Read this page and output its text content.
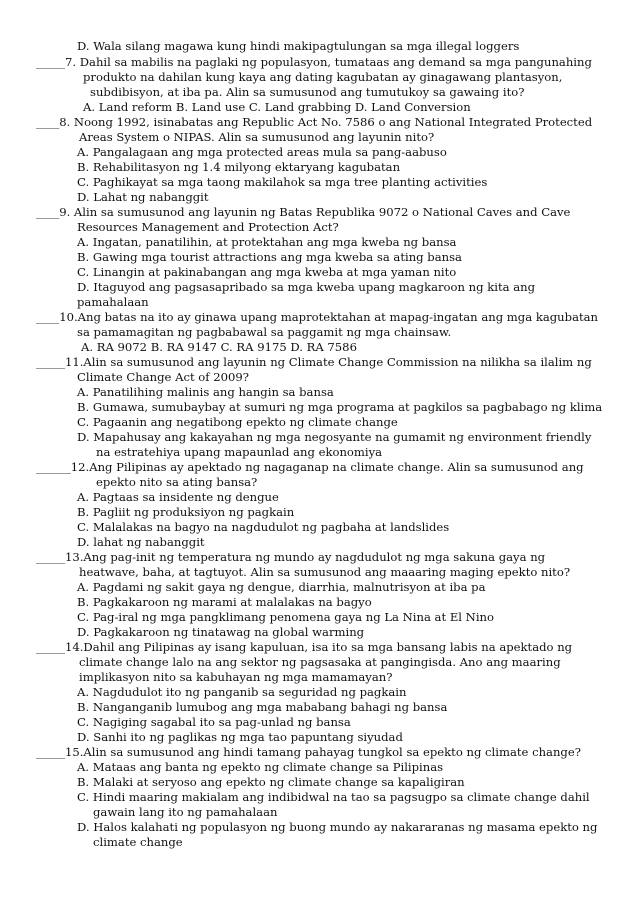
D. Wala silang magawa kung hindi makipagtulungan sa mga illegal loggers
_____7. Dahil sa mabilis na paglaki ng populasyon, tumataas ang demand sa mga pangunahing
produkto na dahilan kung kaya ang dating kagubatan ay ginagawang plantasyon,
subdibisyon, at iba pa. Alin sa sumusunod ang tumutukoy sa gawaing ito?
A. Land reform B. Land use C. Land grabbing D. Land Conversion
____8. Noong 1992, isinabatas ang Republic Act No. 7586 o ang National Integrated Protected
Areas System o NIPAS. Alin sa sumusunod ang layunin nito?
A. Pangalagaan ang mga protected areas mula sa pang-aabuso
B. Rehabilitasyon ng 1.4 milyong ektaryang kagubatan
C. Paghikayat sa mga taong makilahok sa mga tree planting activities
D. Lahat ng nabanggit
____9. Alin sa sumusunod ang layunin ng Batas Republika 9072 o National Caves and Cave
Resources Management and Protection Act?
A. Ingatan, panatilihin, at protektahan ang mga kweba ng bansa
B. Gawing mga tourist attractions ang mga kweba sa ating bansa
C. Linangin at pakinabangan ang mga kweba at mga yaman nito
D. Itaguyod ang pagsasapribado sa mga kweba upang magkaroon ng kita ang
pamahalaan
____10.Ang batas na ito ay ginawa upang maprotektahan at mapag-ingatan ang mga kagubatan
sa pamamagitan ng pagbabawal sa paggamit ng mga chainsaw.
A. RA 9072 B. RA 9147 C. RA 9175 D. RA 7586
_____11.Alin sa sumusunod ang layunin ng Climate Change Commission na nilikha sa ilalim ng
Climate Change Act of 2009?
A. Panatilihing malinis ang hangin sa bansa
B. Gumawa, sumubaybay at sumuri ng mga programa at pagkilos sa pagbabago ng klima
C. Pagaanin ang negatibong epekto ng climate change
D. Mapahusay ang kakayahan ng mga negosyante na gumamit ng environment friendly
na estratehiya upang mapaunlad ang ekonomiya
______12.Ang Pilipinas ay apektado ng nagaganap na climate change. Alin sa sumusunod ang
epekto nito sa ating bansa?
A. Pagtaas sa insidente ng dengue
B. Pagliit ng produksiyon ng pagkain
C. Malalakas na bagyo na nagdudulot ng pagbaha at landslides
D. lahat ng nabanggit
_____13.Ang pag-init ng temperatura ng mundo ay nagdudulot ng mga sakuna gaya ng
heatwave, baha, at tagtuyot. Alin sa sumusunod ang maaaring maging epekto nito?
A. Pagdami ng sakit gaya ng dengue, diarrhia, malnutrisyon at iba pa
B. Pagkakaroon ng marami at malalakas na bagyo
C. Pag-iral ng mga pangklimang penomena gaya ng La Nina at El Nino
D. Pagkakaroon ng tinatawag na global warming
_____14.Dahil ang Pilipinas ay isang kapuluan, isa ito sa mga bansang labis na apektado ng
climate change lalo na ang sektor ng pagsasaka at pangingisda. Ano ang maaring
implikasyon nito sa kabuhayan ng mga mamamayan?
A. Nagdudulot ito ng panganib sa seguridad ng pagkain
B. Nanganganib lumubog ang mga mababang bahagi ng bansa
C. Nagiging sagabal ito sa pag-unlad ng bansa
D. Sanhi ito ng paglikas ng mga tao papuntang siyudad
_____15.Alin sa sumusunod ang hindi tamang pahayag tungkol sa epekto ng climate change?
A. Mataas ang banta ng epekto ng climate change sa Pilipinas
B. Malaki at seryoso ang epekto ng climate change sa kapaligiran
C. Hindi maaring makialam ang indibidwal na tao sa pagsugpo sa climate change dahil
gawain lang ito ng pamahalaan
D. Halos kalahati ng populasyon ng buong mundo ay nakararanas ng masama epekto ng
climate change
